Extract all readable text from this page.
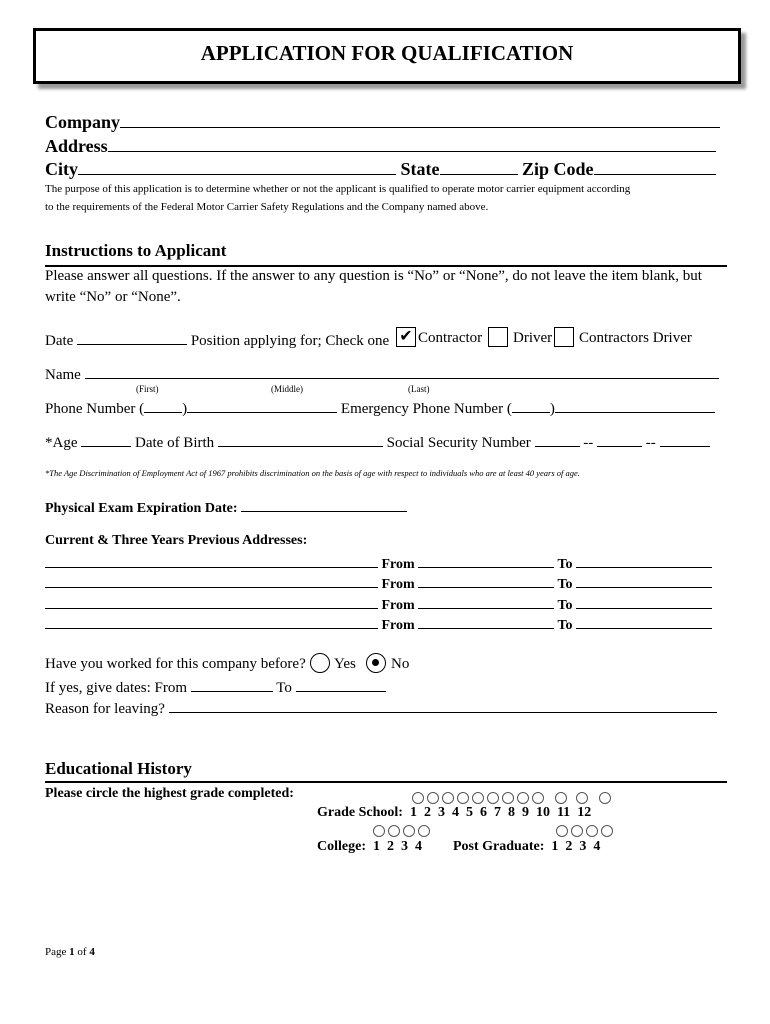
APPLICATION FOR QUALIFICATION
Company
Address
City	State	Zip Code
The purpose of this application is to determine whether or not the applicant is qualified to operate motor carrier equipment according
to the requirements of the Federal Motor Carrier Safety Regulations and the Company named above.
Instructions to Applicant
Please answer all questions. If the answer to any question is “No” or “None”, do not leave the item blank, but
write “No” or “None”.
Date	Position applying for; Check one ✔ Contractor Driver Contractors Driver
Name
(First)	(Middle)	(Last)
Phone Number (	)	Emergency Phone Number (	)
*Age	Date of Birth	Social Security Number	--	--
*The Age Discrimination of Employment Act of 1967 prohibits discrimination on the basis of age with respect to individuals who are at least 40 years of age.
Physical Exam Expiration Date:
Current & Three Years Previous Addresses:
From	To
From	To
From	To
From	To
Have you worked for this company before? Yes No
If yes, give dates: From	To
Reason for leaving?
Educational History
Please circle the highest grade completed:
Grade School: 1 2 3 4 5 6 7 8 9 10 11 12
College: 1 2 3 4 Post Graduate: 1 2 3 4
Page 1 of 4
